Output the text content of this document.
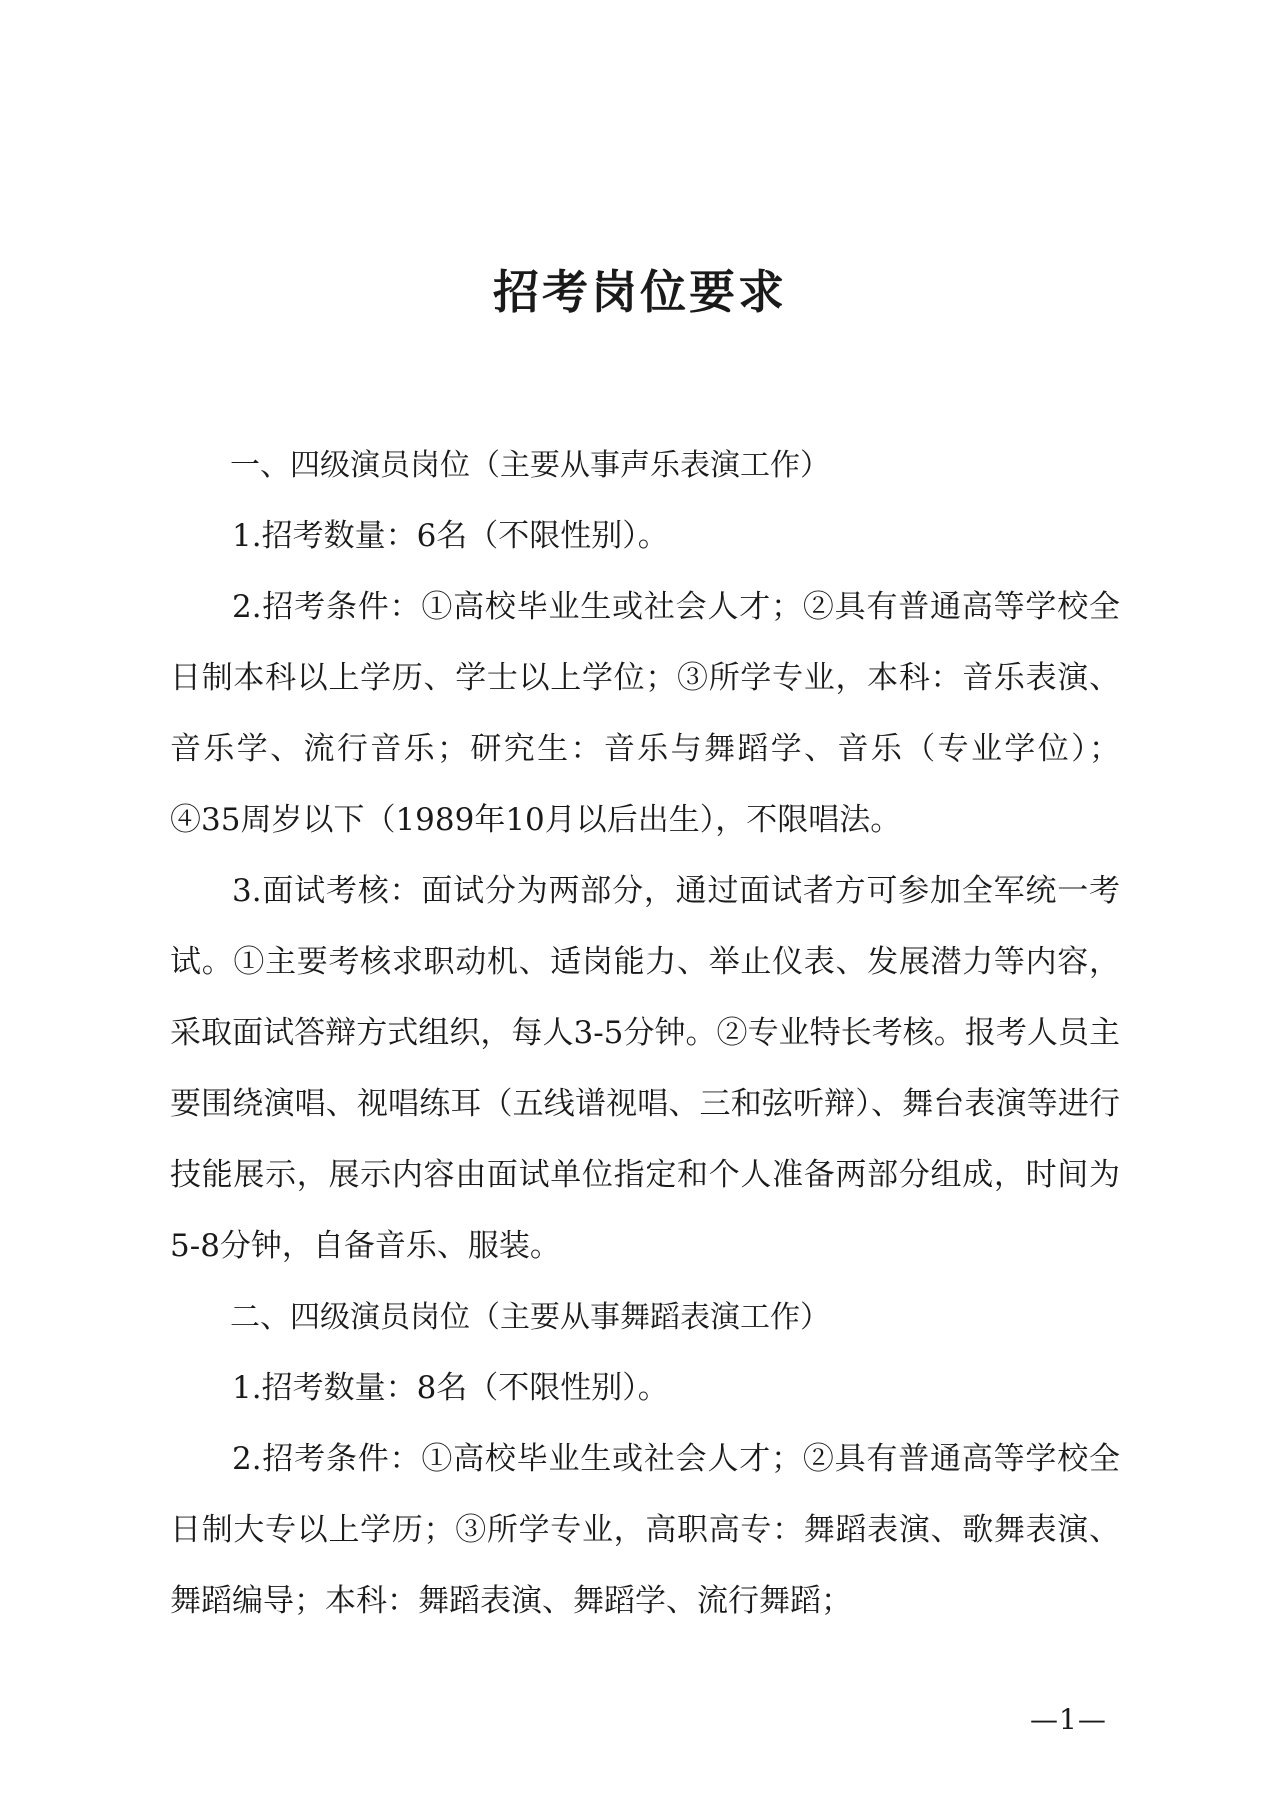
招考岗位要求

一、四级演员岗位（主要从事声乐表演工作）

1.招考数量：6名（不限性别）。

2.招考条件：①高校毕业生或社会人才；②具有普通高等学校全日制本科以上学历、学士以上学位；③所学专业，本科：音乐表演、音乐学、流行音乐；研究生：音乐与舞蹈学、音乐（专业学位）；④35周岁以下（1989年10月以后出生），不限唱法。

3.面试考核：面试分为两部分，通过面试者方可参加全军统一考试。①主要考核求职动机、适岗能力、举止仪表、发展潜力等内容，采取面试答辩方式组织，每人3-5分钟。②专业特长考核。报考人员主要围绕演唱、视唱练耳（五线谱视唱、三和弦听辩）、舞台表演等进行技能展示，展示内容由面试单位指定和个人准备两部分组成，时间为5-8分钟，自备音乐、服装。

二、四级演员岗位（主要从事舞蹈表演工作）

1.招考数量：8名（不限性别）。

2.招考条件：①高校毕业生或社会人才；②具有普通高等学校全日制大专以上学历；③所学专业，高职高专：舞蹈表演、歌舞表演、舞蹈编导；本科：舞蹈表演、舞蹈学、流行舞蹈；

—1—
